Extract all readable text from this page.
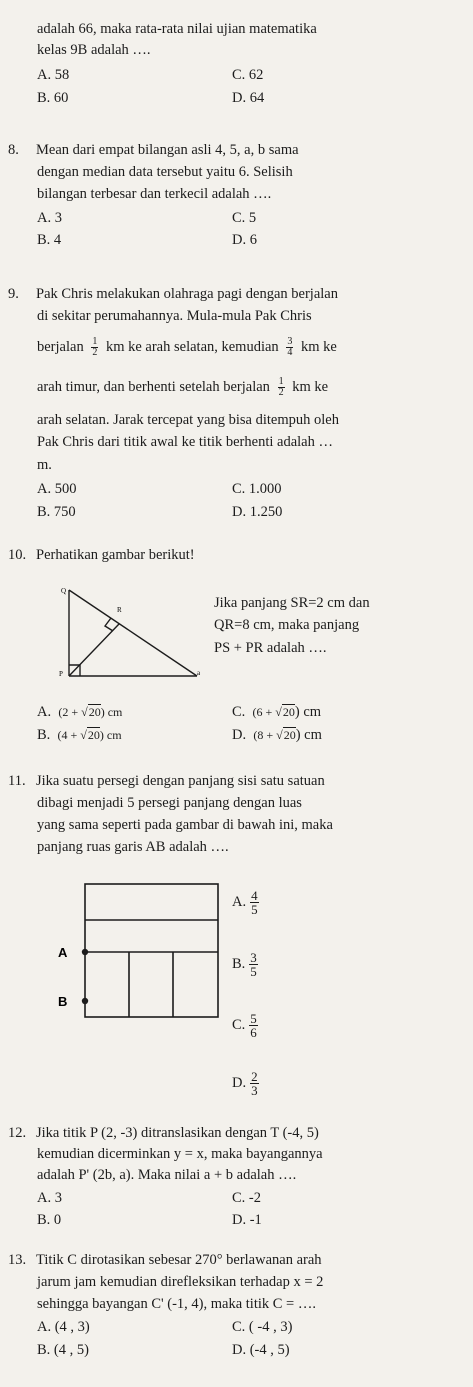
adalah 66, maka rata-rata nilai ujian matematika
kelas 9B adalah ….
A. 58	C. 62
B. 60	D. 64
8. Mean dari empat bilangan asli 4, 5, a, b sama
dengan median data tersebut yaitu 6. Selisih
bilangan terbesar dan terkecil adalah ….
A. 3	C. 5
B. 4	D. 6
9. Pak Chris melakukan olahraga pagi dengan berjalan
di sekitar perumahannya. Mula-mula Pak Chris
berjalan $\frac{1}{2}$ km ke arah selatan, kemudian $\frac{3}{4}$ km ke
arah timur, dan berhenti setelah berjalan $\frac{1}{2}$ km ke
arah selatan. Jarak tercepat yang bisa ditempuh oleh
Pak Chris dari titik awal ke titik berhenti adalah …
m.
A. 500	C. 1.000
B. 750	D. 1.250
10. Perhatikan gambar berikut!
Q
R
P	a
Jika panjang SR=2 cm dan
QR=8 cm, maka panjang
PS + PR adalah ….
A. (2 + √20) cm	C. (6 + √20) cm
B. (4 + √20) cm	D. (8 + √20) cm
11. Jika suatu persegi dengan panjang sisi satu satuan
dibagi menjadi 5 persegi panjang dengan luas
yang sama seperti pada gambar di bawah ini, maka
panjang ruas garis AB adalah ….
A
B
A. $\frac{4}{5}$
B. $\frac{3}{5}$
C. $\frac{5}{6}$
D. $\frac{2}{3}$
12. Jika titik P (2, -3) ditranslasikan dengan T (-4, 5)
kemudian dicerminkan y = x, maka bayangannya
adalah P' (2b, a). Maka nilai a + b adalah ….
A. 3	C. -2
B. 0	D. -1
13. Titik C dirotasikan sebesar 270° berlawanan arah
jarum jam kemudian direfleksikan terhadap x = 2
sehingga bayangan C' (-1, 4), maka titik C = ….
A. (4 , 3)	C. ( -4 , 3)
B. (4 , 5)	D. (-4 , 5)
